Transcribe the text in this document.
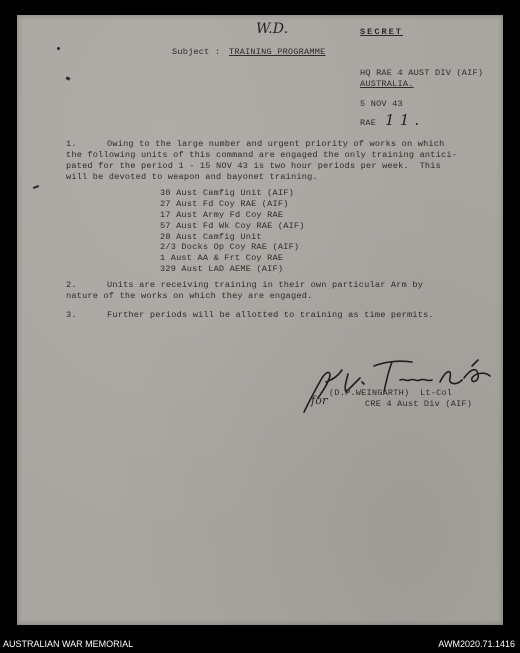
W.D.	SECRET
Subject : TRAINING PROGRAMME
HQ RAE 4 AUST DIV (AIF)
AUSTRALIA.
5 NOV 43
RAE 1 1 .
1.	Owing to the large number and urgent priority of works on which
the following units of this command are engaged the only training antici-
pated for the period 1 - 15 NOV 43 is two hour periods per week.  This
will be devoted to weapon and bayonet training.
30 Aust Camfig Unit (AIF)
27 Aust Fd Coy RAE (AIF)
17 Aust Army Fd Coy RAE
57 Aust Fd Wk Coy RAE (AIF)
28 Aust Camfig Unit
2/3 Docks Op Coy RAE (AIF)
1 Aust AA & Frt Coy RAE
329 Aust LAD AEME (AIF)
2.	Units are receiving training in their own particular Arm by
nature of the works on which they are engaged.
3.	Further periods will be allotted to training as time permits.
for
(D.P.WEINGARTH)  Lt-Col
CRE 4 Aust Div (AIF)
AUSTRALIAN WAR MEMORIAL	AWM2020.71.1416
